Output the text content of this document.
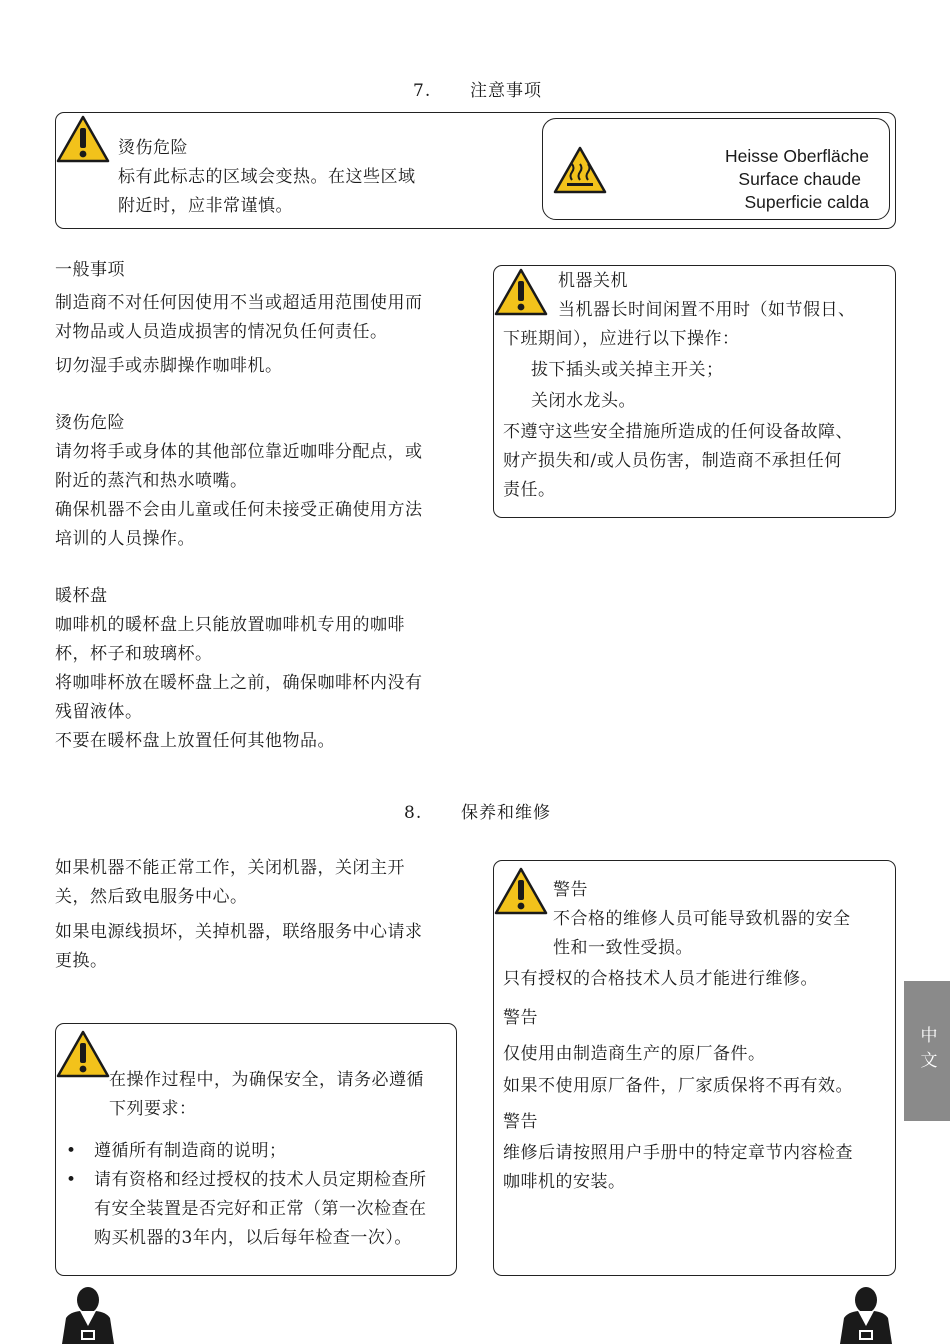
7. 注意事项

烫伤危险

标有此标志的区域会变热。在这些区域

附近时，应非常谨慎。

Heisse Oberfläche
Surface chaude
Superficie calda

一般事项

制造商不对任何因使用不当或超适用范围使用而

对物品或人员造成损害的情况负任何责任。

切勿湿手或赤脚操作咖啡机。

烫伤危险

请勿将手或身体的其他部位靠近咖啡分配点，或

附近的蒸汽和热水喷嘴。

确保机器不会由儿童或任何未接受正确使用方法

培训的人员操作。

暖杯盘

咖啡机的暖杯盘上只能放置咖啡机专用的咖啡

杯，杯子和玻璃杯。

将咖啡杯放在暖杯盘上之前，确保咖啡杯内没有

残留液体。

不要在暖杯盘上放置任何其他物品。

机器关机

当机器长时间闲置不用时（如节假日、

下班期间），应进行以下操作：

拔下插头或关掉主开关；

关闭水龙头。

不遵守这些安全措施所造成的任何设备故障、

财产损失和/或人员伤害，制造商不承担任何

责任。

8. 保养和维修

如果机器不能正常工作，关闭机器，关闭主开

关，然后致电服务中心。

如果电源线损坏，关掉机器，联络服务中心请求

更换。

在操作过程中，为确保安全，请务必遵循

下列要求：

• 遵循所有制造商的说明；
• 请有资格和经过授权的技术人员定期检查所
有安全装置是否完好和正常（第一次检查在
购买机器的3年内，以后每年检查一次）。

警告

不合格的维修人员可能导致机器的安全

性和一致性受损。

只有授权的合格技术人员才能进行维修。

警告

仅使用由制造商生产的原厂备件。

如果不使用原厂备件，厂家质保将不再有效。

警告

维修后请按照用户手册中的特定章节内容检查

咖啡机的安装。

中文
